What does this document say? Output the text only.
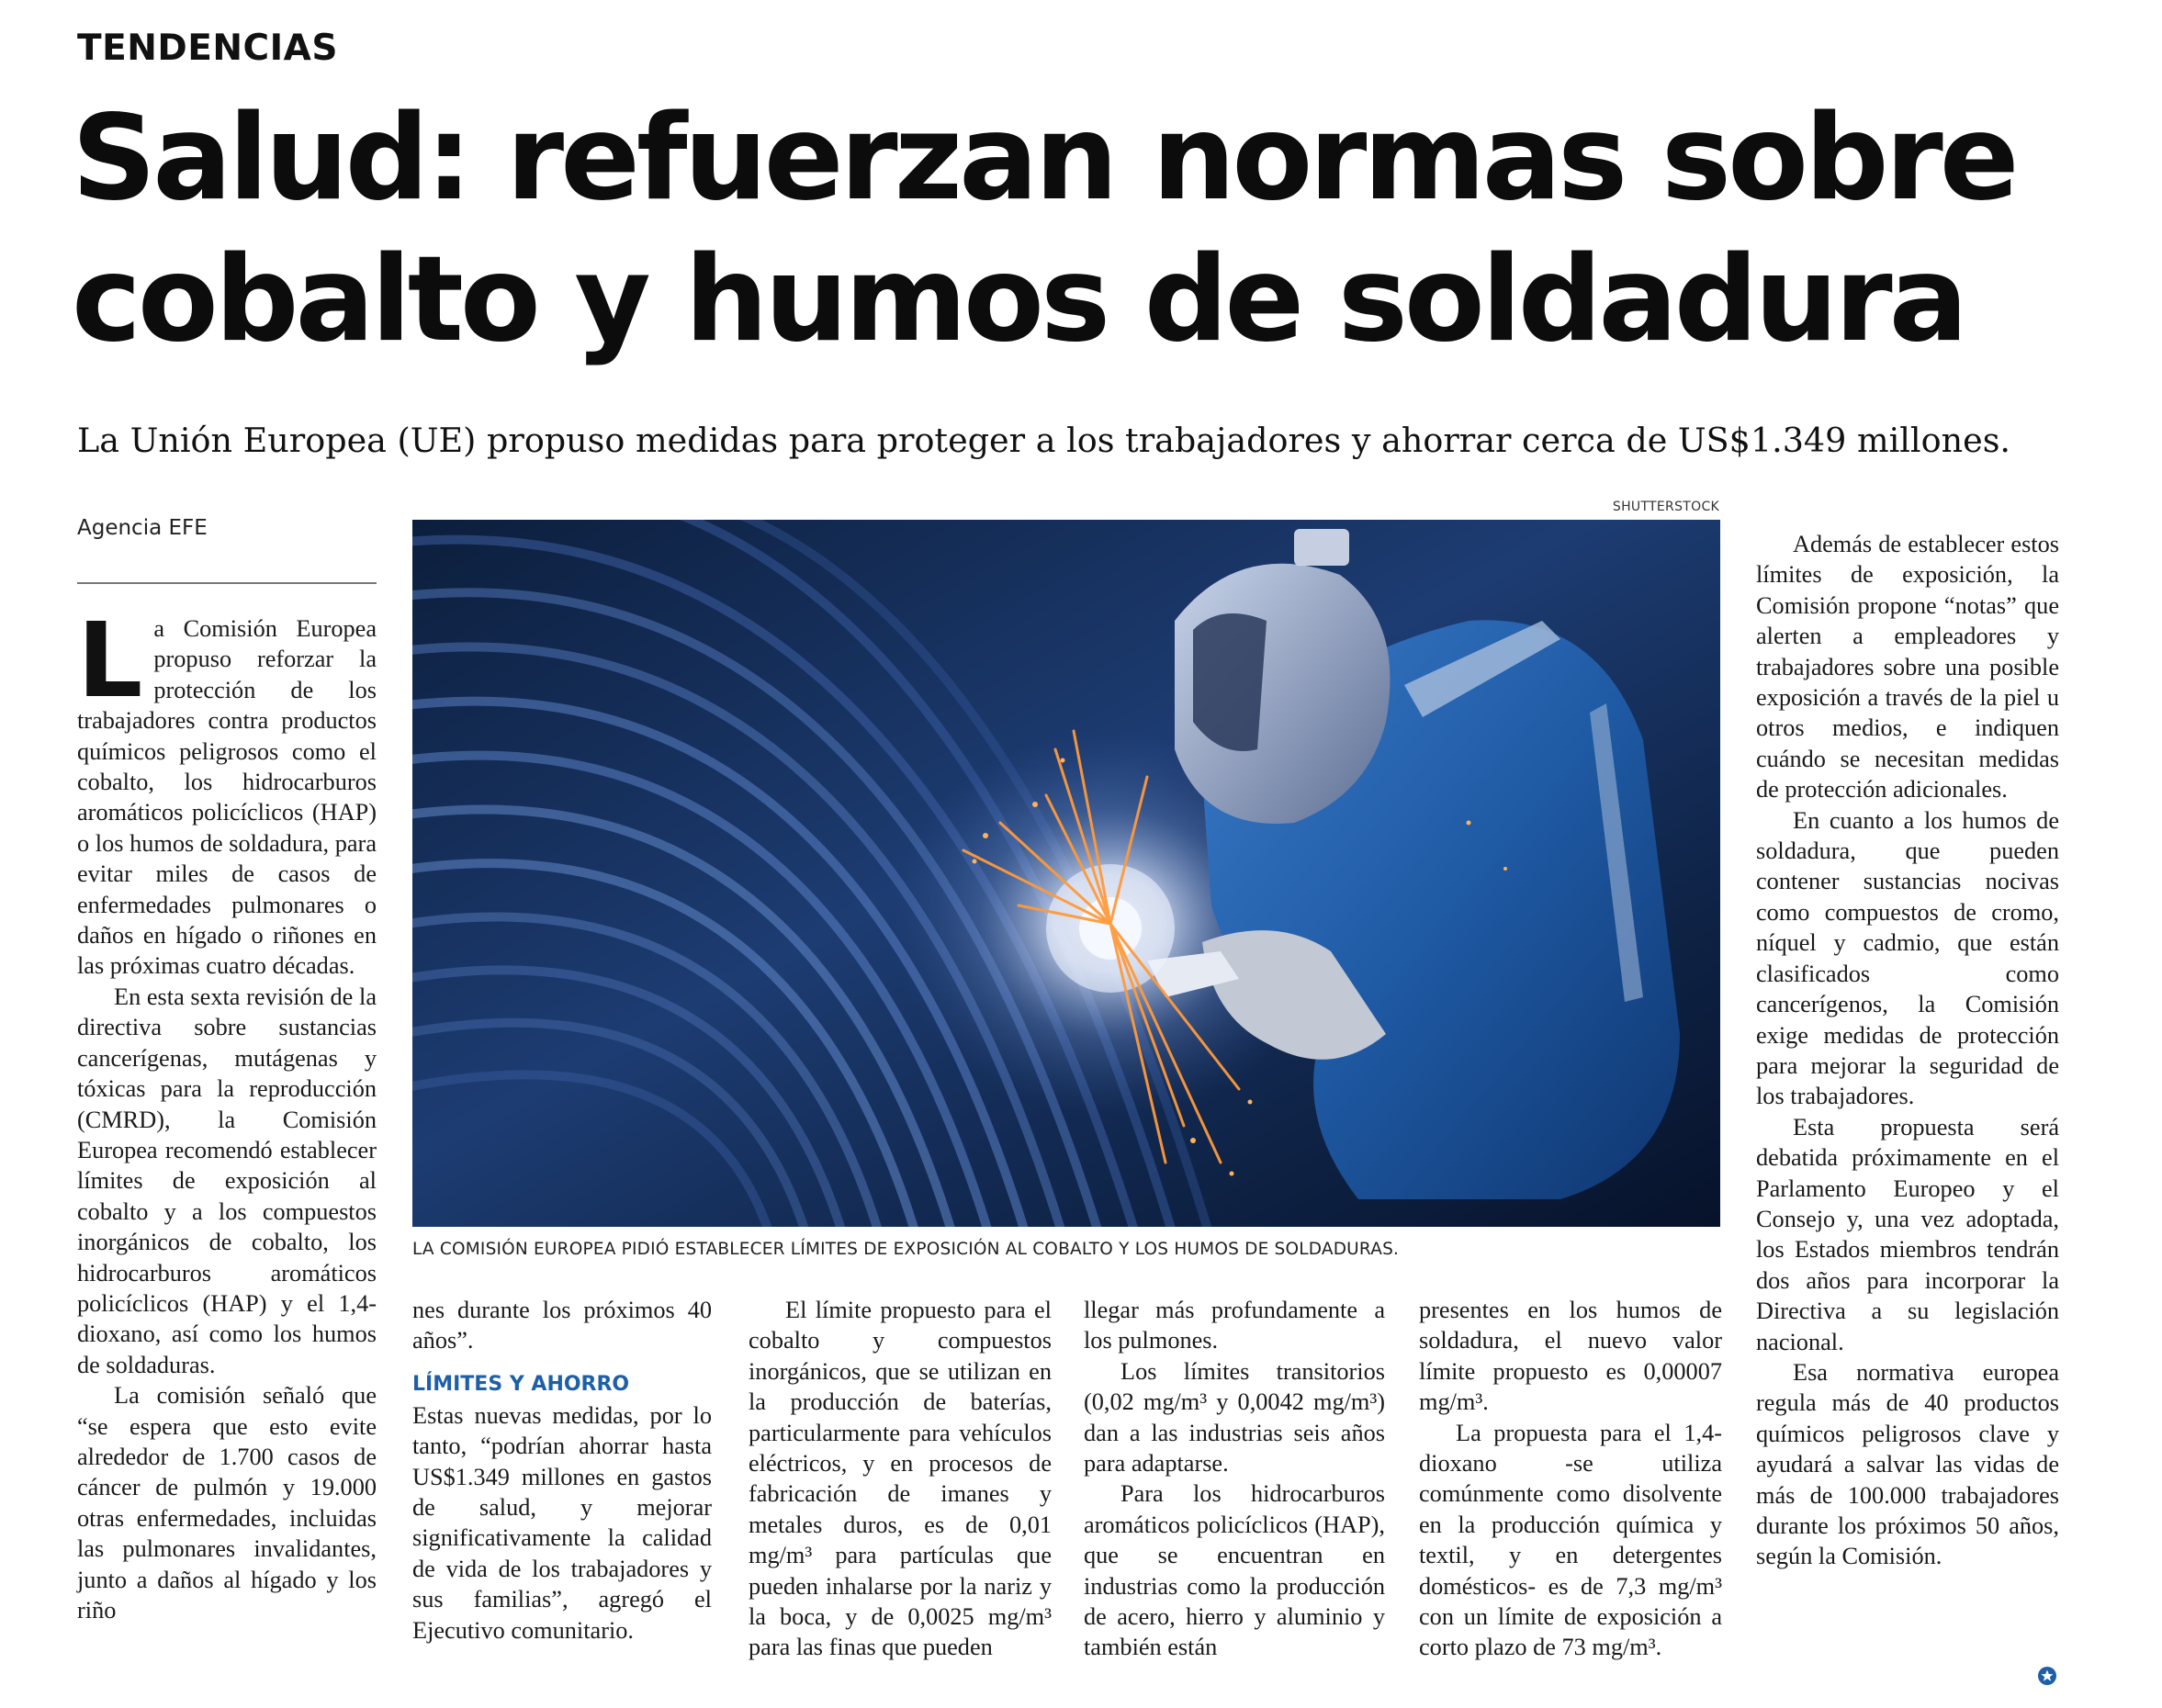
TENDENCIAS
Salud: refuerzan normas sobre cobalto y humos de soldadura
La Unión Europea (UE) propuso medidas para proteger a los trabajadores y ahorrar cerca de US$1.349 millones.
Agencia EFE
SHUTTERSTOCK
LA COMISIÓN EUROPEA PIDIÓ ESTABLECER LÍMITES DE EXPOSICIÓN AL COBALTO Y LOS HUMOS DE SOLDADURAS.

La Comisión Europea propuso reforzar la protección de los trabajadores contra productos químicos peligrosos como el cobalto, los hidrocarburos aromáticos policíclicos (HAP) o los humos de soldadura, para evitar miles de casos de enfermedades pulmonares o daños en hígado o riñones en las próximas cuatro décadas.

En esta sexta revisión de la directiva sobre sustancias cancerígenas, mutágenas y tóxicas para la reproducción (CMRD), la Comisión Europea recomendó establecer límites de exposición al cobalto y a los compuestos inorgánicos de cobalto, los hidrocarburos aromáticos policíclicos (HAP) y el 1,4-dioxano, así como los humos de soldaduras.

La comisión señaló que “se espera que esto evite alrededor de 1.700 casos de cáncer de pulmón y 19.000 otras enfermedades, incluidas las pulmonares invalidantes, junto a daños al hígado y los riño

nes durante los próximos 40 años”.

LÍMITES Y AHORRO

Estas nuevas medidas, por lo tanto, “podrían ahorrar hasta US$1.349 millones en gastos de salud, y mejorar significativamente la calidad de vida de los trabajadores y sus familias”, agregó el Ejecutivo comunitario.

El límite propuesto para el cobalto y compuestos inorgánicos, que se utilizan en la producción de baterías, particularmente para vehículos eléctricos, y en procesos de fabricación de imanes y metales duros, es de 0,01 mg/m³ para partículas que pueden inhalarse por la nariz y la boca, y de 0,0025 mg/m³ para las finas que pueden

llegar más profundamente a los pulmones.

Los límites transitorios (0,02 mg/m³ y 0,0042 mg/m³) dan a las industrias seis años para adaptarse.

Para los hidrocarburos aromáticos policíclicos (HAP), que se encuentran en industrias como la producción de acero, hierro y aluminio y también están

presentes en los humos de soldadura, el nuevo valor límite propuesto es 0,00007 mg/m³.

La propuesta para el 1,4-dioxano -se utiliza comúnmente como disolvente en la producción química y textil, y en detergentes domésticos- es de 7,3 mg/m³ con un límite de exposición a corto plazo de 73 mg/m³.

Además de establecer estos límites de exposición, la Comisión propone “notas” que alerten a empleadores y trabajadores sobre una posible exposición a través de la piel u otros medios, e indiquen cuándo se necesitan medidas de protección adicionales.

En cuanto a los humos de soldadura, que pueden contener sustancias nocivas como compuestos de cromo, níquel y cadmio, que están clasificados como cancerígenos, la Comisión exige medidas de protección para mejorar la seguridad de los trabajadores.

Esta propuesta será debatida próximamente en el Parlamento Europeo y el Consejo y, una vez adoptada, los Estados miembros tendrán dos años para incorporar la Directiva a su legislación nacional.

Esa normativa europea regula más de 40 productos químicos peligrosos clave y ayudará a salvar las vidas de más de 100.000 trabajadores durante los próximos 50 años, según la Comisión.
